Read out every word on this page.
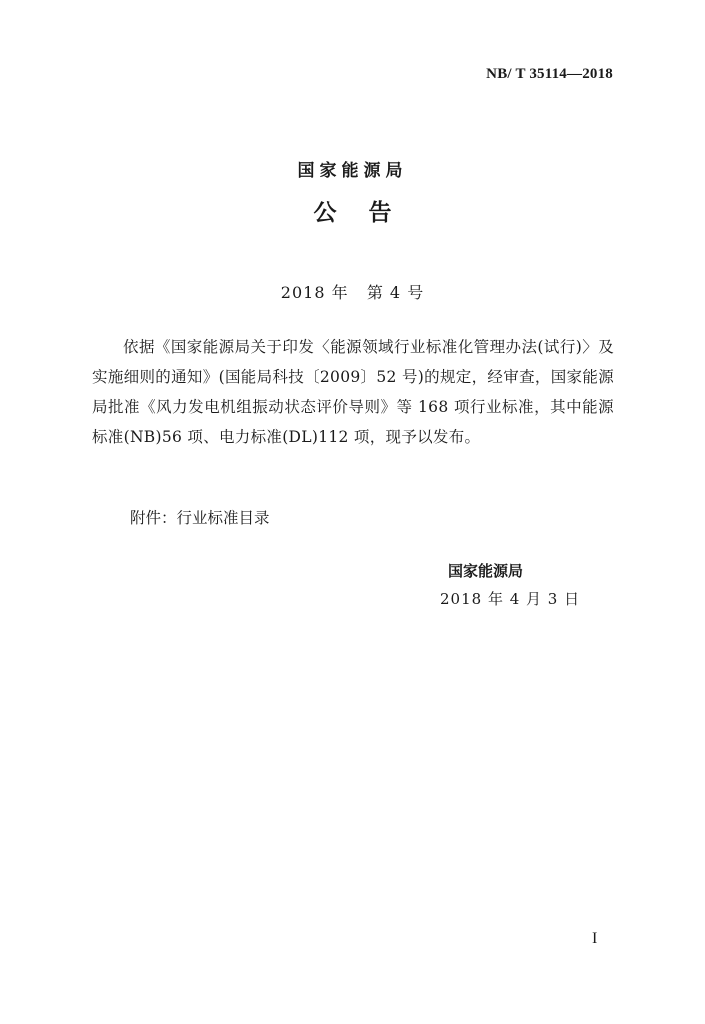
NB/ T 35114—2018
国家能源局
公    告
2018 年   第 4 号

依据《国家能源局关于印发〈能源领域行业标准化管理办法(试行)〉及实施细则的通知》(国能局科技〔2009〕52 号)的规定，经审查，国家能源局批准《风力发电机组振动状态评价导则》等 168 项行业标准，其中能源标准(NB)56 项、电力标准(DL)112 项，现予以发布。

附件：行业标准目录
国家能源局
2018 年 4 月 3 日
I
